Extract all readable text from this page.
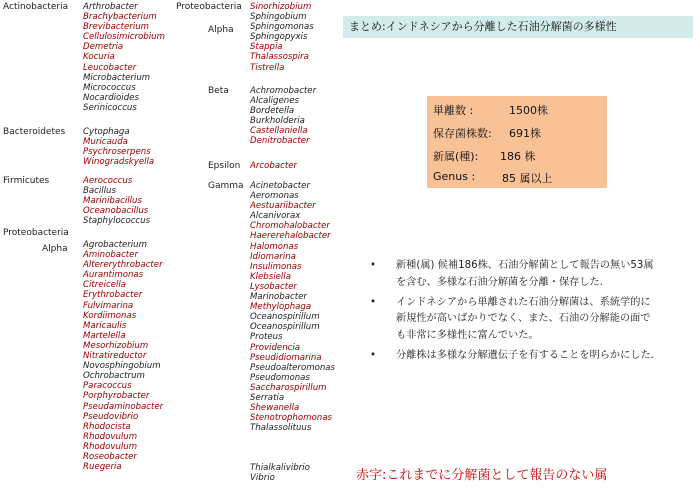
Actinobacteria
Bacteroidetes
Firmicutes
Proteobacteria
Alpha
Proteobacteria
Alpha
Beta
Epsilon
Gamma
Arthrobacter
Brachybacterium
Brevibacterium
Cellulosimicrobium
Demetria
Kocuria
Leucobacter
Microbacterium
Micrococcus
Nocardioides
Serinicoccus
Cytophaga
Muricauda
Psychroserpens
Winogradskyella
Aerococcus
Bacillus
Marinibacillus
Oceanobacillus
Staphylococcus
Agrobacterium
Aminobacter
Altererythrobacter
Aurantimonas
Citreicella
Erythrobacter
Fulvimarina
Kordiimonas
Maricaulis
Martelella
Mesorhizobium
Nitratireductor
Novosphingobium
Ochrobactrum
Paracoccus
Porphyrobacter
Pseudaminobacter
Pseudovibrio
Rhodocista
Rhodovulum
Rhodovulum
Roseobacter
Ruegeria
Sinorhizobium
Sphingobium
Sphingomonas
Sphingopyxis
Stappia
Thalassospira
Tistrella
Achromobacter
Alcaligenes
Bordetella
Burkholderia
Castellaniella
Denitrobacter
Arcobacter
Acinetobacter
Aeromonas
Aestuariibacter
Alcanivorax
Chromohalobacter
Haererehalobacter
Halomonas
Idiomarina
Insulimonas
Klebsiella
Lysobacter
Marinobacter
Methylophaga
Oceanospirillum
Oceanospirillum
Proteus
Providencia
Pseudidiomarina
Pseudoalteromonas
Pseudomonas
Saccharospirillum
Serratia
Shewanella
Stenotrophomonas
Thalassolituus
Thialkalivibrio
Vibrio
まとめ:インドネシアから分離した石油分解菌の多様性
単離数 :	1500株
保存菌株数: 691株
新属(種): 186 株
Genus : 85 属以上
• 新種(属) 候補186株、石油分解菌として報告の無い53属
を含む、多様な石油分解菌を分離・保存した.
• インドネシアから単離された石油分解菌は、系統学的に
新規性が高いばかりでなく、また、石油の分解能の面で
も非常に多様性に富んでいた。
• 分離株は多様な分解遺伝子を有することを明らかにした.
赤字:これまでに分解菌として報告のない属
